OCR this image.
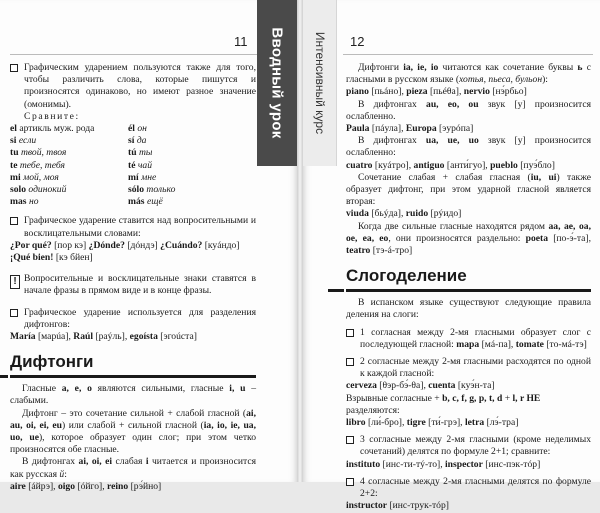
11 Вводный урок
Графическим ударением пользуются также для того, чтобы различить слова, которые пишутся и произносятся одинаково, но имеют разное значение (омонимы).
Сравните:
el артикль муж. рода	él он
si если	sí да
tu твой, твоя	tú ты
te тебе, тебя	té чай
mi мой, моя	mí мне
solo одинокий	sólo только
mas но	más ещё
Графическое ударение ставится над вопросительными и восклицательными словами:
¿Por qué? [пор кэ] ¿Dónde? [дóндэ] ¿Cuándo? [куáндо]
¡Qué bien! [кэ бйен]
! Вопросительные и восклицательные знаки ставятся в начале фразы в прямом виде и в конце фразы.
Графическое ударение используется для разделения дифтонгов:
María [марúа], Raúl [раýль], egoísta [эгоúста]
Дифтонги
Гласные a, e, o являются сильными, гласные i, u – слабыми.
Дифтонг – это сочетание сильной + слабой гласной (ai, au, oi, ei, eu) или слабой + сильной гласной (ia, io, ie, ua, uo, ue), которое образует один слог; при этом четко произносятся обе гласные.
В дифтонгах ai, oi, ei слабая i читается и произносится как русская й:
aire [áйрэ], oigo [óйго], reino [рэ́йно]
Интенсивный курс 12
Дифтонги ia, ie, io читаются как сочетание буквы ь с гласными в русском языке (хотья, пьеса, бульон):
piano [пьáно], pieza [пьéθа], nervio [нэ́рбьо]
В дифтонгах au, eo, ou звук [у] произносится ослабленно.
Paula [пáула], Europa [эурóпа]
В дифтонгах ua, ue, uo звук [у] произносится ослабленно:
cuatro [куáтро], antiguo [анти́гуо], pueblo [пуэ́бло]
Сочетание слабая + слабая гласная (iu, ui) также образует дифтонг, при этом ударной гласной является вторая:
viuda [бьýда], ruido [рýидо]
Когда две сильные гласные находятся рядом aa, ae, oa, oe, ea, eo, они произносятся раздельно: poeta [по-э́-та], teatro [тэ-á-тро]
Слогоделение
В испанском языке существуют следующие правила деления на слоги:
1 согласная между 2-мя гласными образует слог с последующей гласной: mapa [мá-па], tomate [то-мá-тэ]
2 согласные между 2-мя гласными расходятся по одной к каждой гласной:
cerveza [θэр-бэ́-θа], cuenta [куэ́н-та]
Взрывные согласные + b, c, f, g, p, t, d + l, r HE разделяются:
libro [ли́-бро], tigre [ти́-грэ], letra [лэ́-тра]
3 согласные между 2-мя гласными (кроме неделимых сочетаний) делятся по формуле 2+1; сравните:
instituto [инс-ти-тý-то], inspector [инс-пэк-тóр]
4 согласные между 2-мя гласными делятся по формуле 2+2:
instructor [инс-трук-тóр]
